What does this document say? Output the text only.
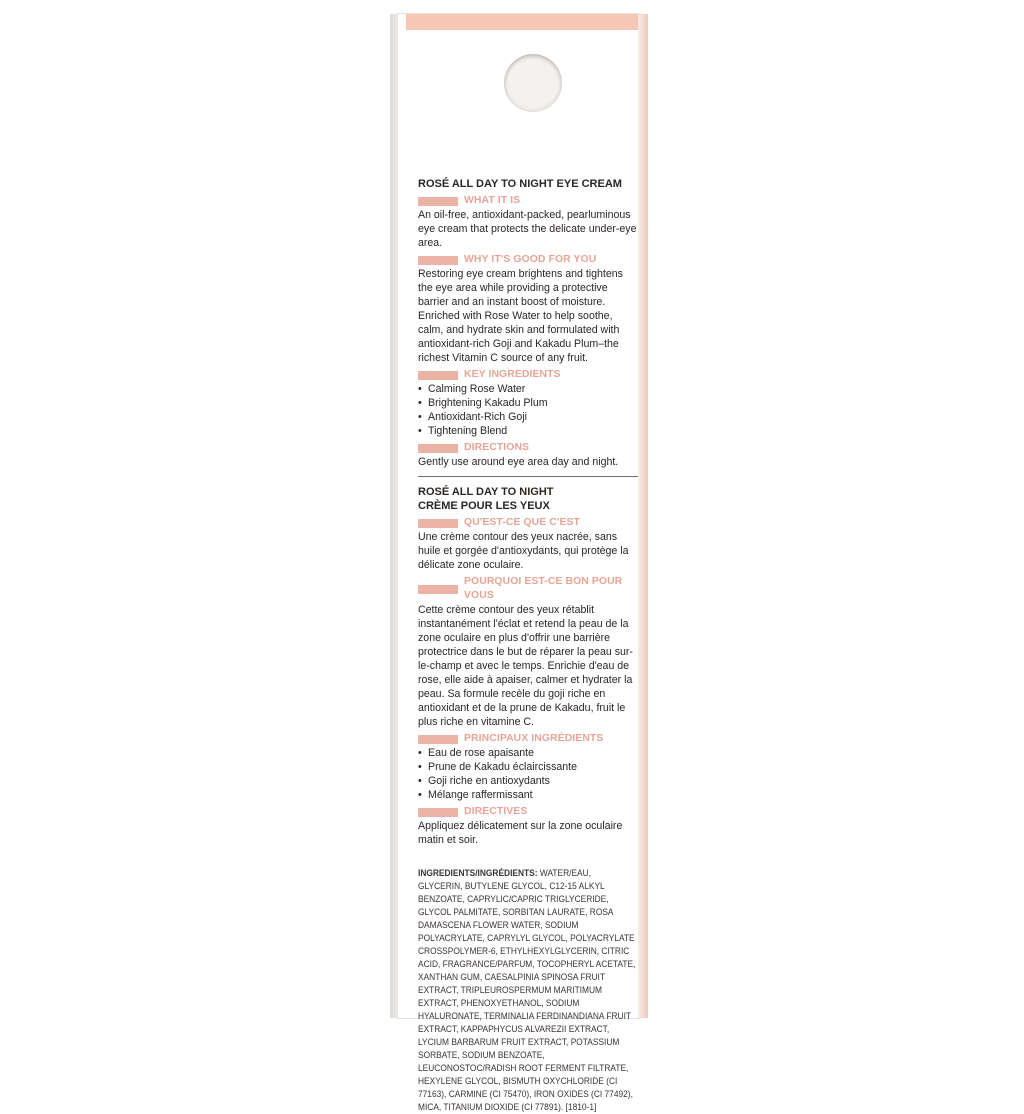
ROSÉ ALL DAY TO NIGHT EYE CREAM
WHAT IT IS

An oil-free, antioxidant-packed, pearluminous eye cream that protects the delicate under-eye area.

WHY IT'S GOOD FOR YOU

Restoring eye cream brightens and tightens the eye area while providing a protective barrier and an instant boost of moisture. Enriched with Rose Water to help soothe, calm, and hydrate skin and formulated with antioxidant-rich Goji and Kakadu Plum–the richest Vitamin C source of any fruit.

KEY INGREDIENTS
• Calming Rose Water
• Brightening Kakadu Plum
• Antioxidant-Rich Goji
• Tightening Blend
DIRECTIONS

Gently use around eye area day and night.

ROSÉ ALL DAY TO NIGHT
CRÈME POUR LES YEUX
QU'EST-CE QUE C'EST

Une crème contour des yeux nacrée, sans huile et gorgée d'antioxydants, qui protège la délicate zone oculaire.

POURQUOI EST-CE BON POUR VOUS

Cette crème contour des yeux rétablit instantanément l'éclat et retend la peau de la zone oculaire en plus d'offrir une barrière protectrice dans le but de réparer la peau sur-le-champ et avec le temps. Enrichie d'eau de rose, elle aide à apaiser, calmer et hydrater la peau. Sa formule recèle du goji riche en antioxidant et de la prune de Kakadu, fruit le plus riche en vitamine C.

PRINCIPAUX INGRÉDIENTS
• Eau de rose apaisante
• Prune de Kakadu éclaircissante
• Goji riche en antioxydants
• Mélange raffermissant
DIRECTIVES

Appliquez délicatement sur la zone oculaire matin et soir.

INGREDIENTS/INGRÉDIENTS: WATER/EAU, GLYCERIN, BUTYLENE GLYCOL, C12-15 ALKYL BENZOATE, CAPRYLIC/CAPRIC TRIGLYCERIDE, GLYCOL PALMITATE, SORBITAN LAURATE, ROSA DAMASCENA FLOWER WATER, SODIUM POLYACRYLATE, CAPRYLYL GLYCOL, POLYACRYLATE CROSSPOLYMER-6, ETHYLHEXYLGLYCERIN, CITRIC ACID, FRAGRANCE/PARFUM, TOCOPHERYL ACETATE, XANTHAN GUM, CAESALPINIA SPINOSA FRUIT EXTRACT, TRIPLEUROSPERMUM MARITIMUM EXTRACT, PHENOXYETHANOL, SODIUM HYALURONATE, TERMINALIA FERDINANDIANA FRUIT EXTRACT, KAPPAPHYCUS ALVAREZII EXTRACT, LYCIUM BARBARUM FRUIT EXTRACT, POTASSIUM SORBATE, SODIUM BENZOATE, LEUCONOSTOC/RADISH ROOT FERMENT FILTRATE, HEXYLENE GLYCOL, BISMUTH OXYCHLORIDE (CI 77163), CARMINE (CI 75470), IRON OXIDES (CI 77492), MICA, TITANIUM DIOXIDE (CI 77891). [1810-1]
